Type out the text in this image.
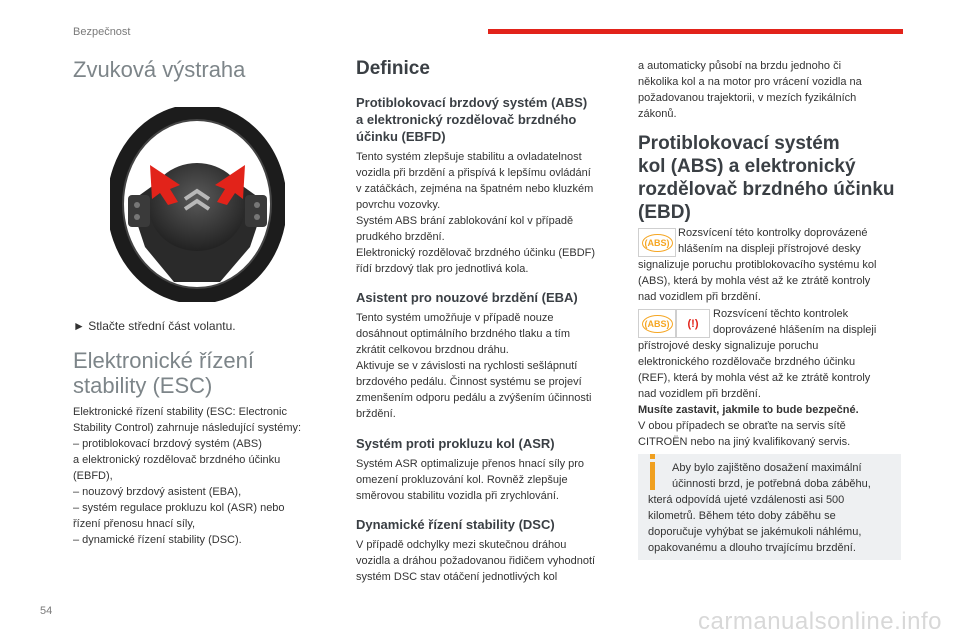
Bezpečnost
Zvuková výstraha
► Stlačte střední část volantu.
Elektronické řízení stability (ESC)

Elektronické řízení stability (ESC: Electronic

Stability Control) zahrnuje následující systémy:

– protiblokovací brzdový systém (ABS)

a elektronický rozdělovač brzdného účinku

(EBFD),

– nouzový brzdový asistent (EBA),

– systém regulace prokluzu kol (ASR) nebo

řízení přenosu hnací síly,

– dynamické řízení stability (DSC).

Definice

Protiblokovací brzdový systém (ABS)

a elektronický rozdělovač brzdného

účinku (EBFD)

Tento systém zlepšuje stabilitu a ovladatelnost

vozidla při brzdění a přispívá k lepšímu ovládání

v zatáčkách, zejména na špatném nebo kluzkém

povrchu vozovky.

Systém ABS brání zablokování kol v případě

prudkého brzdění.

Elektronický rozdělovač brzdného účinku (EBDF)

řídí brzdový tlak pro jednotlivá kola.

Asistent pro nouzové brzdění (EBA)

Tento systém umožňuje v případě nouze

dosáhnout optimálního brzdného tlaku a tím

zkrátit celkovou brzdnou dráhu.

Aktivuje se v závislosti na rychlosti sešlápnutí

brzdového pedálu. Činnost systému se projeví

zmenšením odporu pedálu a zvýšením účinnosti

brždění.

Systém proti prokluzu kol (ASR)

Systém ASR optimalizuje přenos hnací síly pro

omezení prokluzování kol. Rovněž zlepšuje

směrovou stabilitu vozidla při zrychlování.

Dynamické řízení stability (DSC)

V případě odchylky mezi skutečnou dráhou

vozidla a dráhou požadovanou řidičem vyhodnotí

systém DSC stav otáčení jednotlivých kol

a automaticky působí na brzdu jednoho či

několika kol a na motor pro vrácení vozidla na

požadovanou trajektorii, v mezích fyzikálních

zákonů.

Protiblokovací systém

kol (ABS) a elektronický

rozdělovač brzdného účinku

(EBD)

(ABS)

Rozsvícení této kontrolky doprovázené

hlášením na displeji přístrojové desky

signalizuje poruchu protiblokovacího systému kol

(ABS), která by mohla vést až ke ztrátě kontroly

nad vozidlem při brzdění.

(ABS) (!)

Rozsvícení těchto kontrolek

doprovázené hlášením na displeji

přístrojové desky signalizuje poruchu

elektronického rozdělovače brzdného účinku

(REF), která by mohla vést až ke ztrátě kontroly

nad vozidlem při brzdění.

Musíte zastavit, jakmile to bude bezpečné.

V obou případech se obraťte na servis sítě

CITROËN nebo na jiný kvalifikovaný servis.

Aby bylo zajištěno dosažení maximální

účinnosti brzd, je potřebná doba záběhu,

která odpovídá ujeté vzdálenosti asi 500

kilometrů. Během této doby záběhu se

doporučuje vyhýbat se jakémukoli náhlému,

opakovanému a dlouho trvajícímu brzdění.

54	carmanualsonline.info
